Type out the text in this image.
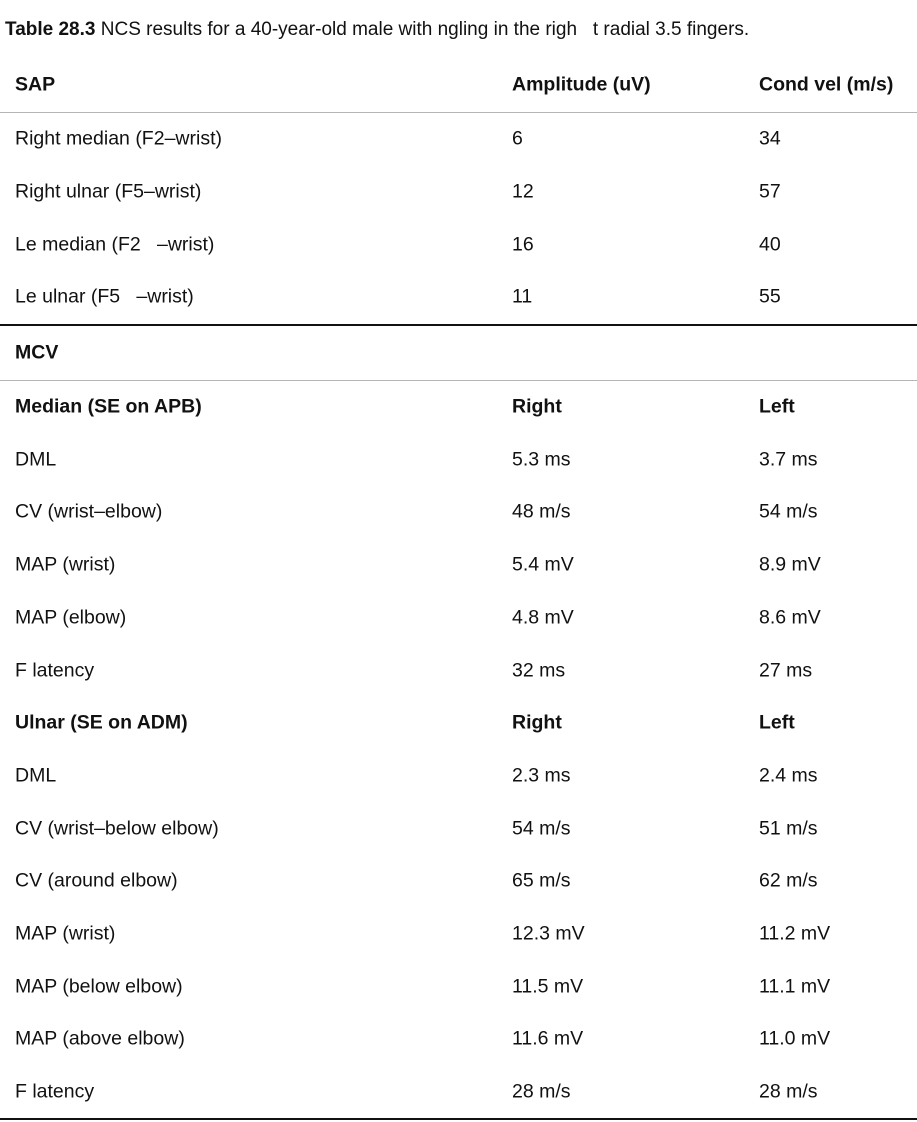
Table 28.3 NCS results for a 40-year-old male with ngling in the righ   t radial 3.5 fingers.
SAP	Amplitude (uV)	Cond vel (m/s)
Right median (F2–wrist)	6	34
Right ulnar (F5–wrist)	12	57
Le median (F2   –wrist)	16	40
Le ulnar (F5   –wrist)	11	55
MCV
Median (SE on APB)	Right	Left
DML	5.3 ms	3.7 ms
CV (wrist–elbow)	48 m/s	54 m/s
MAP (wrist)	5.4 mV	8.9 mV
MAP (elbow)	4.8 mV	8.6 mV
F latency	32 ms	27 ms
Ulnar (SE on ADM)	Right	Left
DML	2.3 ms	2.4 ms
CV (wrist–below elbow)	54 m/s	51 m/s
CV (around elbow)	65 m/s	62 m/s
MAP (wrist)	12.3 mV	11.2 mV
MAP (below elbow)	11.5 mV	11.1 mV
MAP (above elbow)	11.6 mV	11.0 mV
F latency	28 m/s	28 m/s
